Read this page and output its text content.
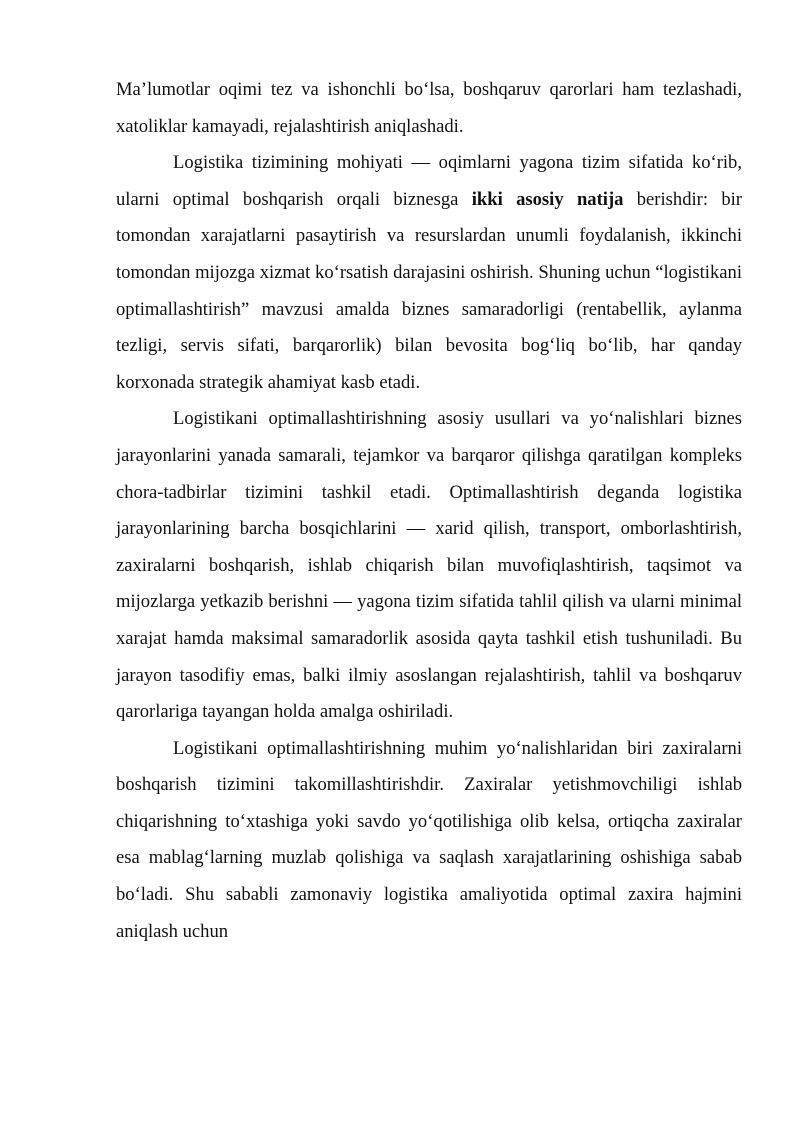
Ma’lumotlar oqimi tez va ishonchli bo‘lsa, boshqaruv qarorlari ham tezlashadi, xatoliklar kamayadi, rejalashtirish aniqlashadi.

Logistika tizimining mohiyati — oqimlarni yagona tizim sifatida ko‘rib, ularni optimal boshqarish orqali biznesga ikki asosiy natija berishdir: bir tomondan xarajatlarni pasaytirish va resurslardan unumli foydalanish, ikkinchi tomondan mijozga xizmat ko‘rsatish darajasini oshirish. Shuning uchun “logistikani optimallashtirish” mavzusi amalda biznes samaradorligi (rentabellik, aylanma tezligi, servis sifati, barqarorlik) bilan bevosita bog‘liq bo‘lib, har qanday korxonada strategik ahamiyat kasb etadi.

Logistikani optimallashtirishning asosiy usullari va yo‘nalishlari biznes jarayonlarini yanada samarali, tejamkor va barqaror qilishga qaratilgan kompleks chora-tadbirlar tizimini tashkil etadi. Optimallashtirish deganda logistika jarayonlarining barcha bosqichlarini — xarid qilish, transport, omborlashtirish, zaxiralarni boshqarish, ishlab chiqarish bilan muvofiqlashtirish, taqsimot va mijozlarga yetkazib berishni — yagona tizim sifatida tahlil qilish va ularni minimal xarajat hamda maksimal samaradorlik asosida qayta tashkil etish tushuniladi. Bu jarayon tasodifiy emas, balki ilmiy asoslangan rejalashtirish, tahlil va boshqaruv qarorlariga tayangan holda amalga oshiriladi.

Logistikani optimallashtirishning muhim yo‘nalishlaridan biri zaxiralarni boshqarish tizimini takomillashtirishdir. Zaxiralar yetishmovchiligi ishlab chiqarishning to‘xtashiga yoki savdo yo‘qotilishiga olib kelsa, ortiqcha zaxiralar esa mablag‘larning muzlab qolishiga va saqlash xarajatlarining oshishiga sabab bo‘ladi. Shu sababli zamonaviy logistika amaliyotida optimal zaxira hajmini aniqlash uchun
